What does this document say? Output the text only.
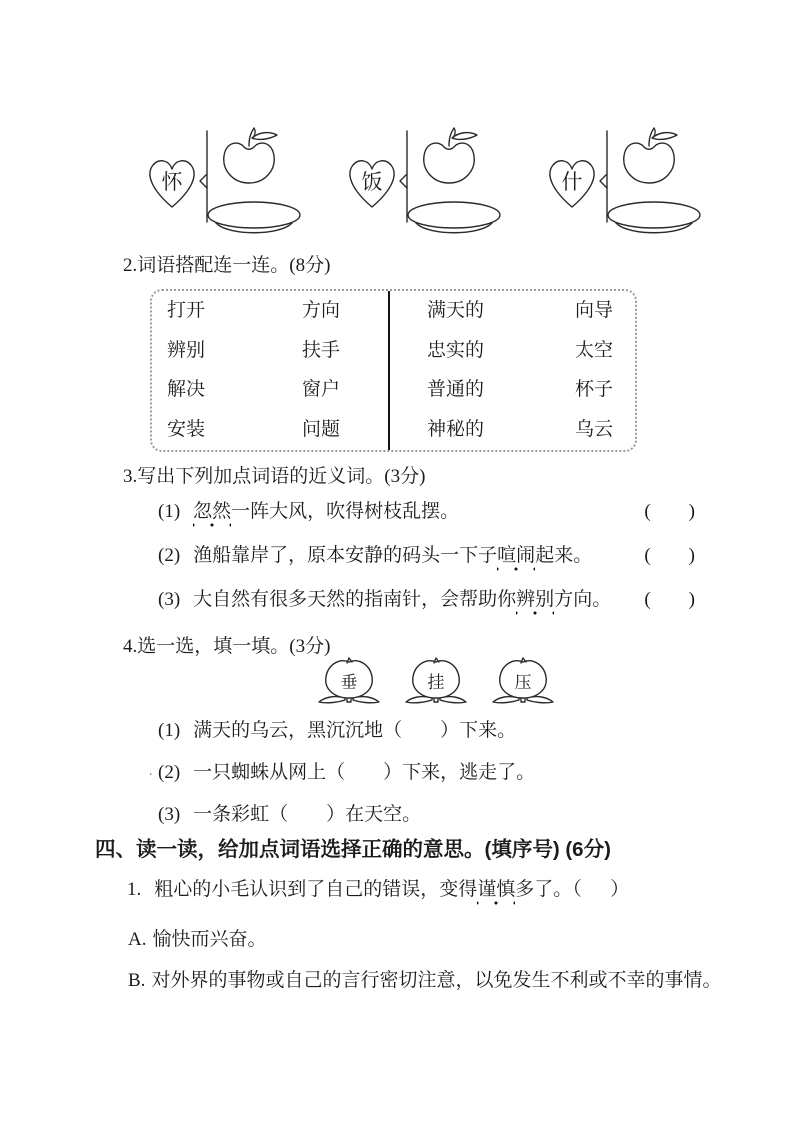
怀	饭	什
2.词语搭配连一连。(8分)
打开	方向
辨别	扶手
解决	窗户
安装	问题
满天的	向导
忠实的	太空
普通的	杯子
神秘的	乌云
3.写出下列加点词语的近义词。(3分)
(1) 忽然一阵大风，吹得树枝乱摆。	(        )
(2) 渔船靠岸了，原本安静的码头一下子喧闹起来。	(        )
(3) 大自然有很多天然的指南针，会帮助你辨别方向。 (        )
4.选一选，填一填。(3分)
垂	挂	压
.
(1) 满天的乌云，黑沉沉地（        ）下来。
(2) 一只蜘蛛从网上（        ）下来，逃走了。
(3) 一条彩虹（        ）在天空。
四、读一读，给加点词语选择正确的意思。(填序号) (6分)
1. 粗心的小毛认识到了自己的错误，变得谨慎多了。（      ）
A. 愉快而兴奋。
B. 对外界的事物或自己的言行密切注意，以免发生不利或不幸的事情。
